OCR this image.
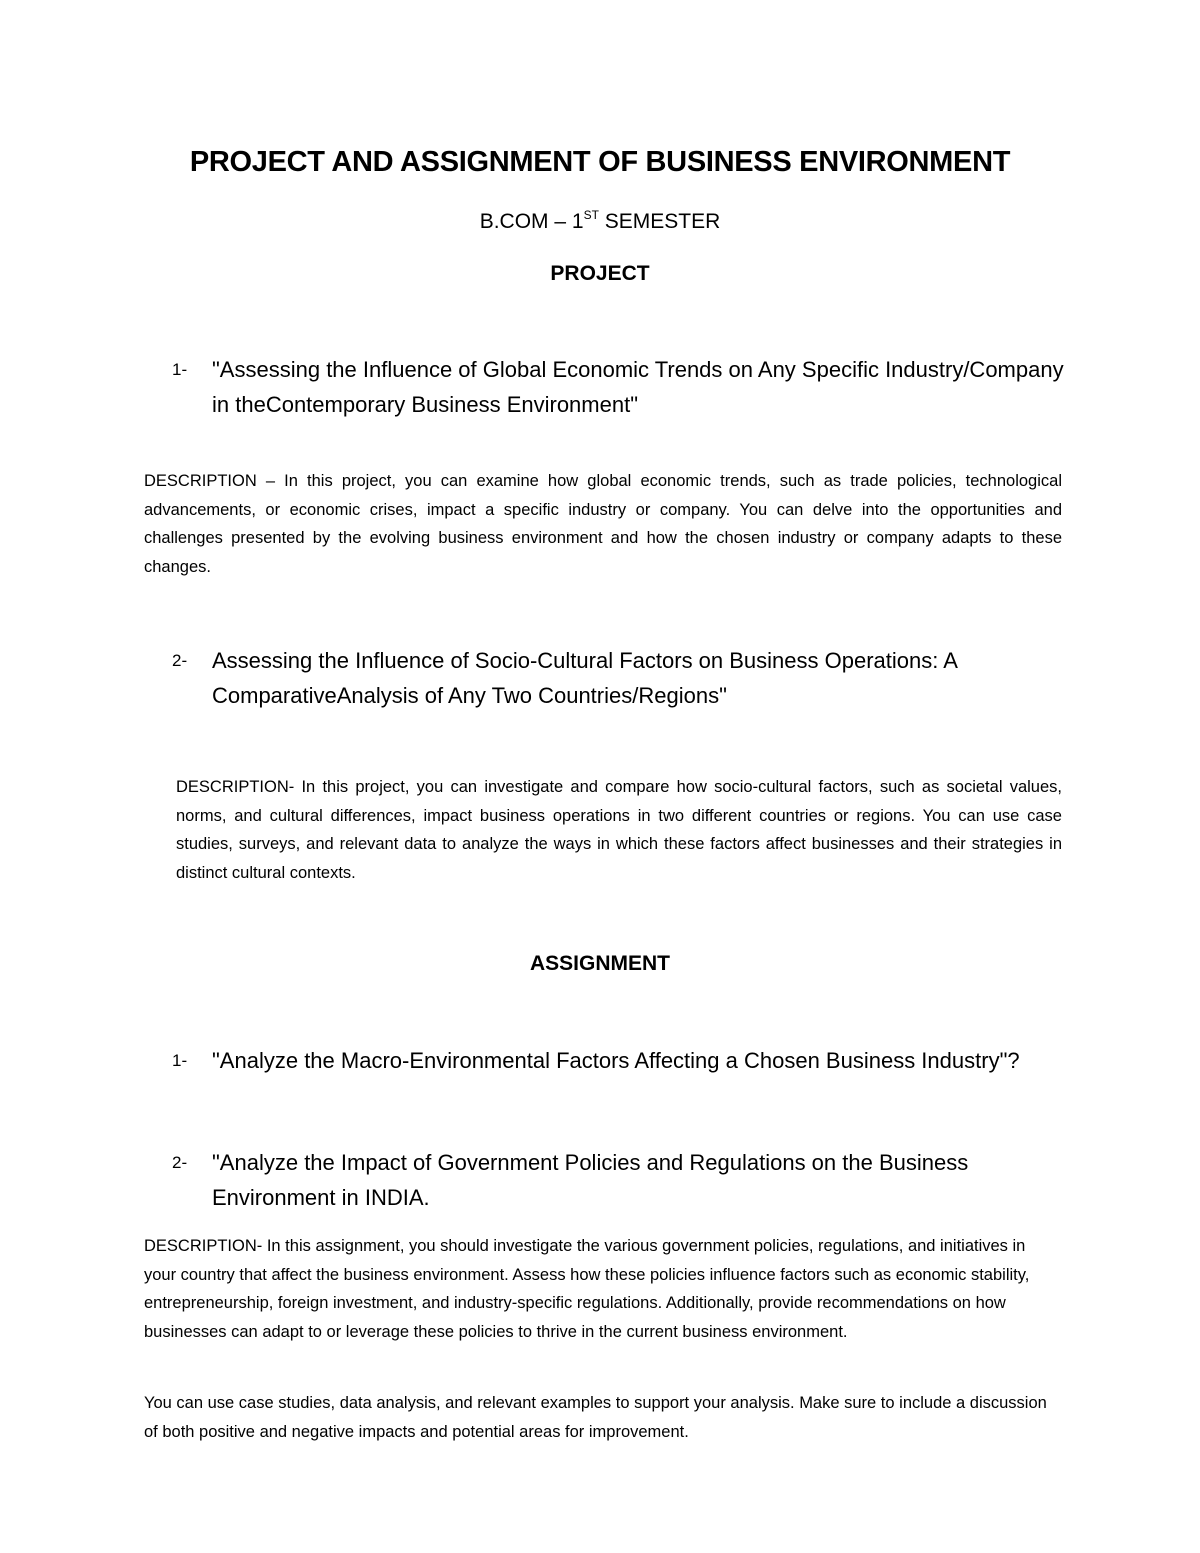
PROJECT AND ASSIGNMENT OF BUSINESS ENVIRONMENT
B.COM – 1ST SEMESTER
PROJECT
1- "Assessing the Influence of Global Economic Trends on Any Specific Industry/Company in theContemporary Business Environment"
DESCRIPTION – In this project, you can examine how global economic trends, such as trade policies, technological advancements, or economic crises, impact a specific industry or company. You can delve into the opportunities and challenges presented by the evolving business environment and how the chosen industry or company adapts to these changes.
2- Assessing the Influence of Socio-Cultural Factors on Business Operations: A ComparativeAnalysis of Any Two Countries/Regions"
DESCRIPTION- In this project, you can investigate and compare how socio-cultural factors, such as societal values, norms, and cultural differences, impact business operations in two different countries or regions. You can use case studies, surveys, and relevant data to analyze the ways in which these factors affect businesses and their strategies in distinct cultural contexts.
ASSIGNMENT
1- "Analyze the Macro-Environmental Factors Affecting a Chosen Business Industry"?
2- "Analyze the Impact of Government Policies and Regulations on the Business Environment in INDIA.
DESCRIPTION- In this assignment, you should investigate the various government policies, regulations, and initiatives in your country that affect the business environment. Assess how these policies influence factors such as economic stability, entrepreneurship, foreign investment, and industry-specific regulations. Additionally, provide recommendations on how businesses can adapt to or leverage these policies to thrive in the current business environment.
You can use case studies, data analysis, and relevant examples to support your analysis. Make sure to include a discussion of both positive and negative impacts and potential areas for improvement.
